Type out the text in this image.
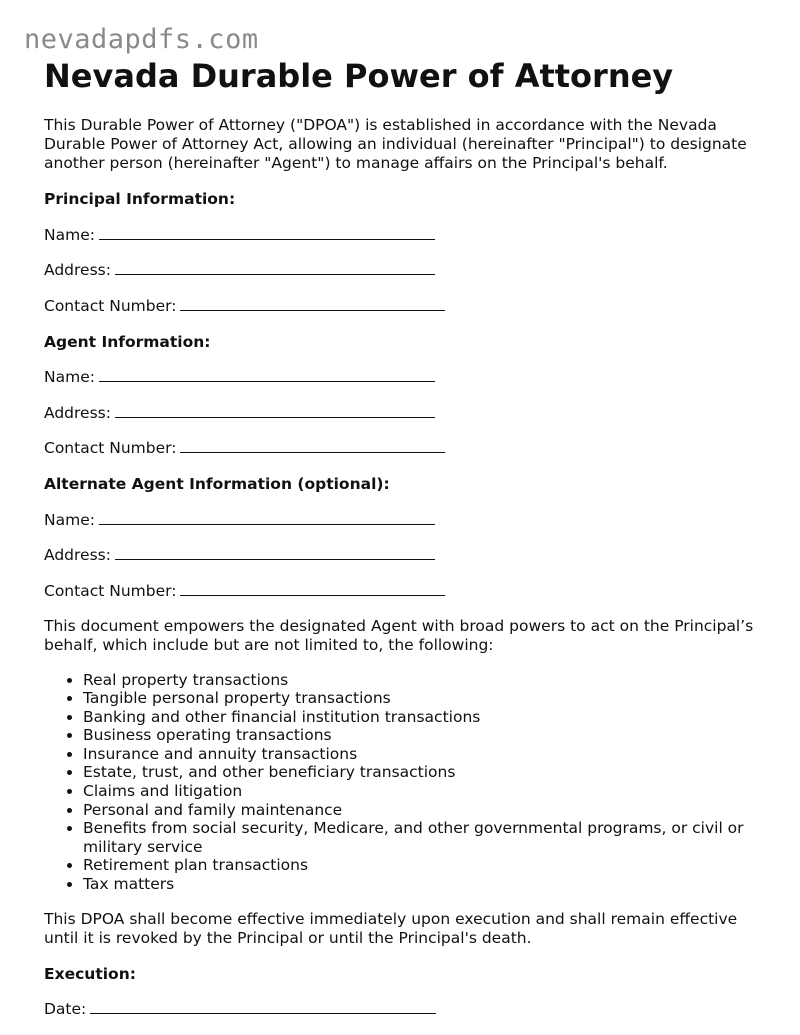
nevadapdfs.com
Nevada Durable Power of Attorney

This Durable Power of Attorney ("DPOA") is established in accordance with the Nevada Durable Power of Attorney Act, allowing an individual (hereinafter "Principal") to designate another person (hereinafter "Agent") to manage affairs on the Principal's behalf.

Principal Information:
Name:
Address:
Contact Number:
Agent Information:
Name:
Address:
Contact Number:
Alternate Agent Information (optional):
Name:
Address:
Contact Number:

This document empowers the designated Agent with broad powers to act on the Principal’s behalf, which include but are not limited to, the following:

• Real property transactions
• Tangible personal property transactions
• Banking and other financial institution transactions
• Business operating transactions
• Insurance and annuity transactions
• Estate, trust, and other beneficiary transactions
• Claims and litigation
• Personal and family maintenance
• Benefits from social security, Medicare, and other governmental programs, or civil or military service
• Retirement plan transactions
• Tax matters

This DPOA shall become effective immediately upon execution and shall remain effective until it is revoked by the Principal or until the Principal's death.

Execution:
Date:
